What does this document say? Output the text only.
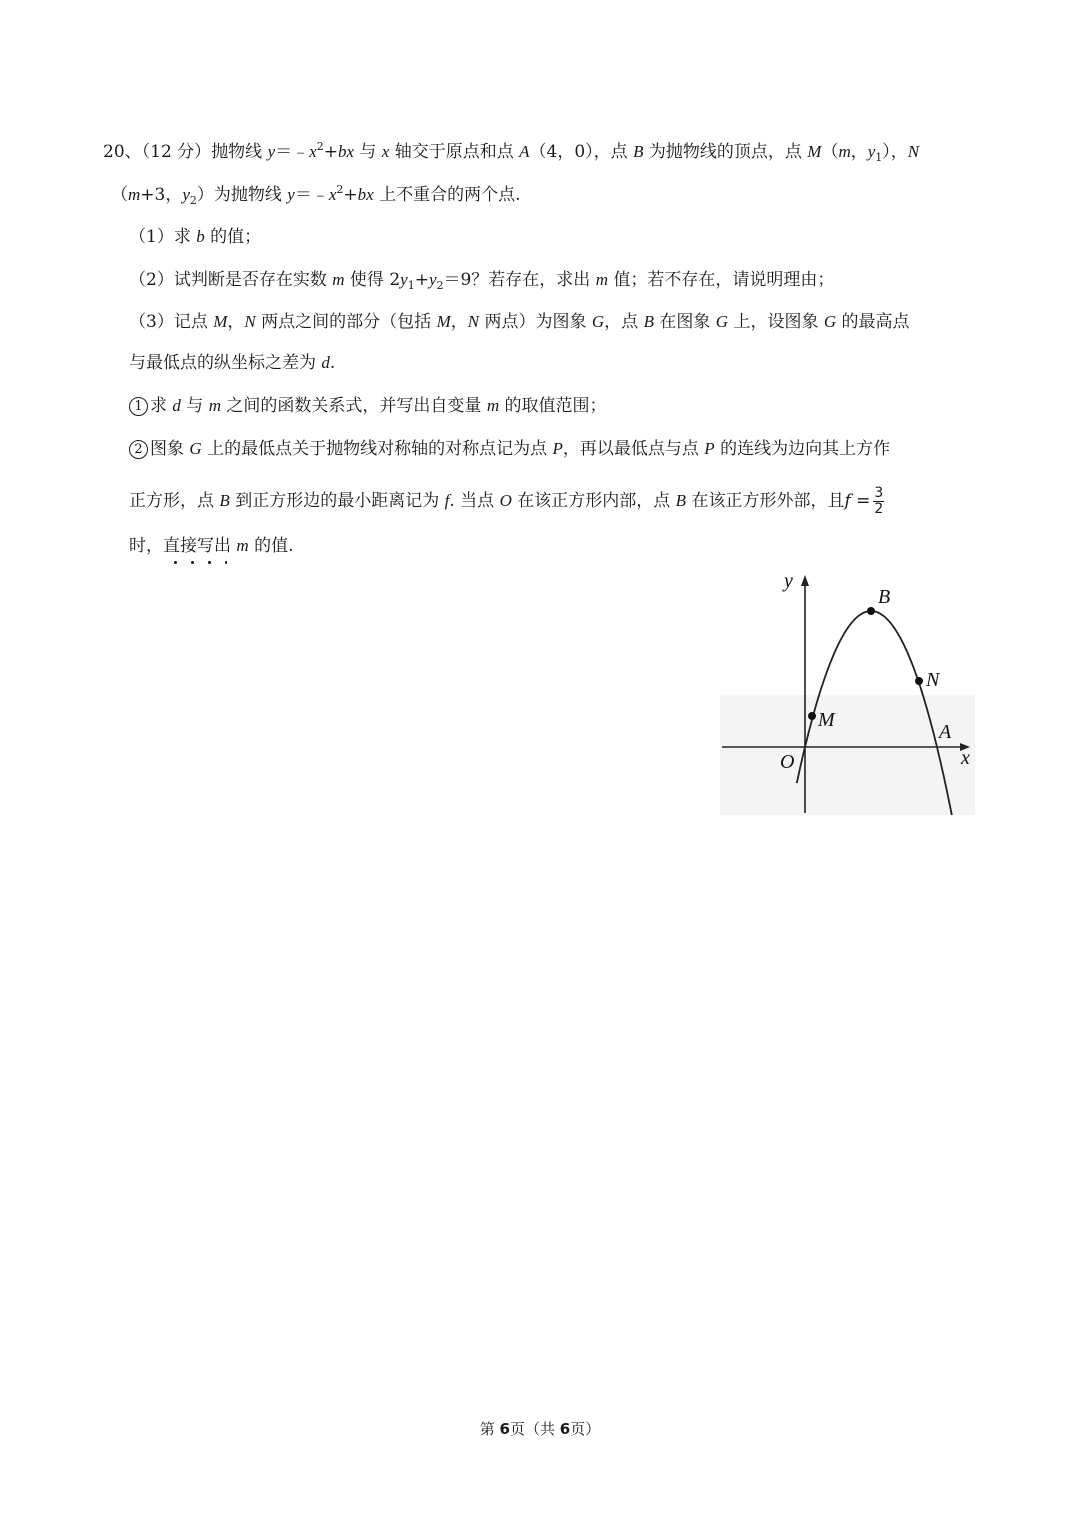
20、（12 分）抛物线 $y=﹣x^2+bx$ 与 x 轴交于原点和点 A（4，0），点 B 为抛物线的顶点，点 M（m，$y_1$），N
（m+3，$y_2$）为抛物线 $y=﹣x^2+bx$ 上不重合的两个点.
（1）求 b 的值；
（2）试判断是否存在实数 m 使得 $2y_1+y_2=9$？若存在，求出 m 值；若不存在，请说明理由；
（3）记点 M，N 两点之间的部分（包括 M，N 两点）为图象 G，点 B 在图象 G 上，设图象 G 的最高点
与最低点的纵坐标之差为 d.
1 求 d 与 m 之间的函数关系式，并写出自变量 m 的取值范围；
2 图象 G 上的最低点关于抛物线对称轴的对称点记为点 P，再以最低点与点 P 的连线为边向其上方作
正方形，点 B 到正方形边的最小距离记为 f. 当点 O 在该正方形内部，点 B 在该正方形外部，且$f = \frac{3}{2}$
时，直接写出 m 的值.
y
x
O
B
M
N
A
第 6页（共 6页）
